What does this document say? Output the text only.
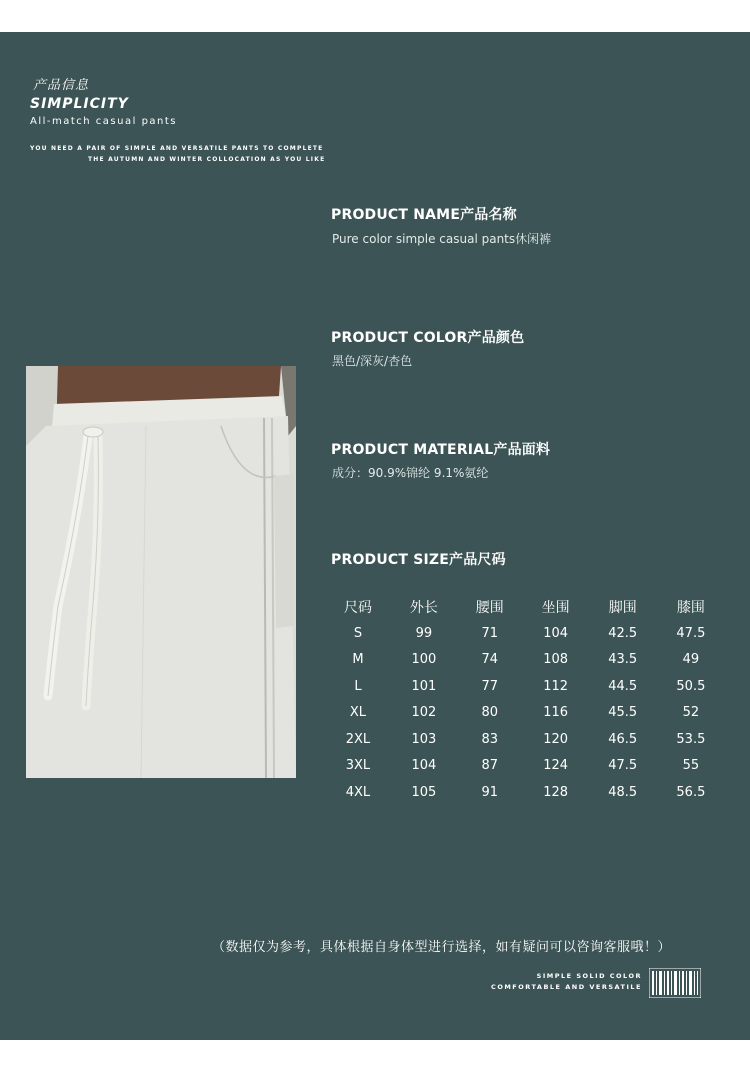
产品信息
SIMPLICITY
All-match casual pants
YOU NEED A PAIR OF SIMPLE AND VERSATILE PANTS TO COMPLETE
THE AUTUMN AND WINTER COLLOCATION AS YOU LIKE
PRODUCT NAME产品名称
Pure color simple casual pants休闲裤
PRODUCT COLOR产品颜色
黑色/深灰/杏色
PRODUCT MATERIAL产品面料
成分：90.9%锦纶 9.1%氨纶
PRODUCT SIZE产品尺码
尺码	外长	腰围	坐围	脚围	膝围
S	99	71	104	42.5	47.5
M	100	74	108	43.5	49
L	101	77	112	44.5	50.5
XL	102	80	116	45.5	52
2XL	103	83	120	46.5	53.5
3XL	104	87	124	47.5	55
4XL	105	91	128	48.5	56.5
（数据仅为参考，具体根据自身体型进行选择，如有疑问可以咨询客服哦！）
SIMPLE SOLID COLOR
COMFORTABLE AND VERSATILE
